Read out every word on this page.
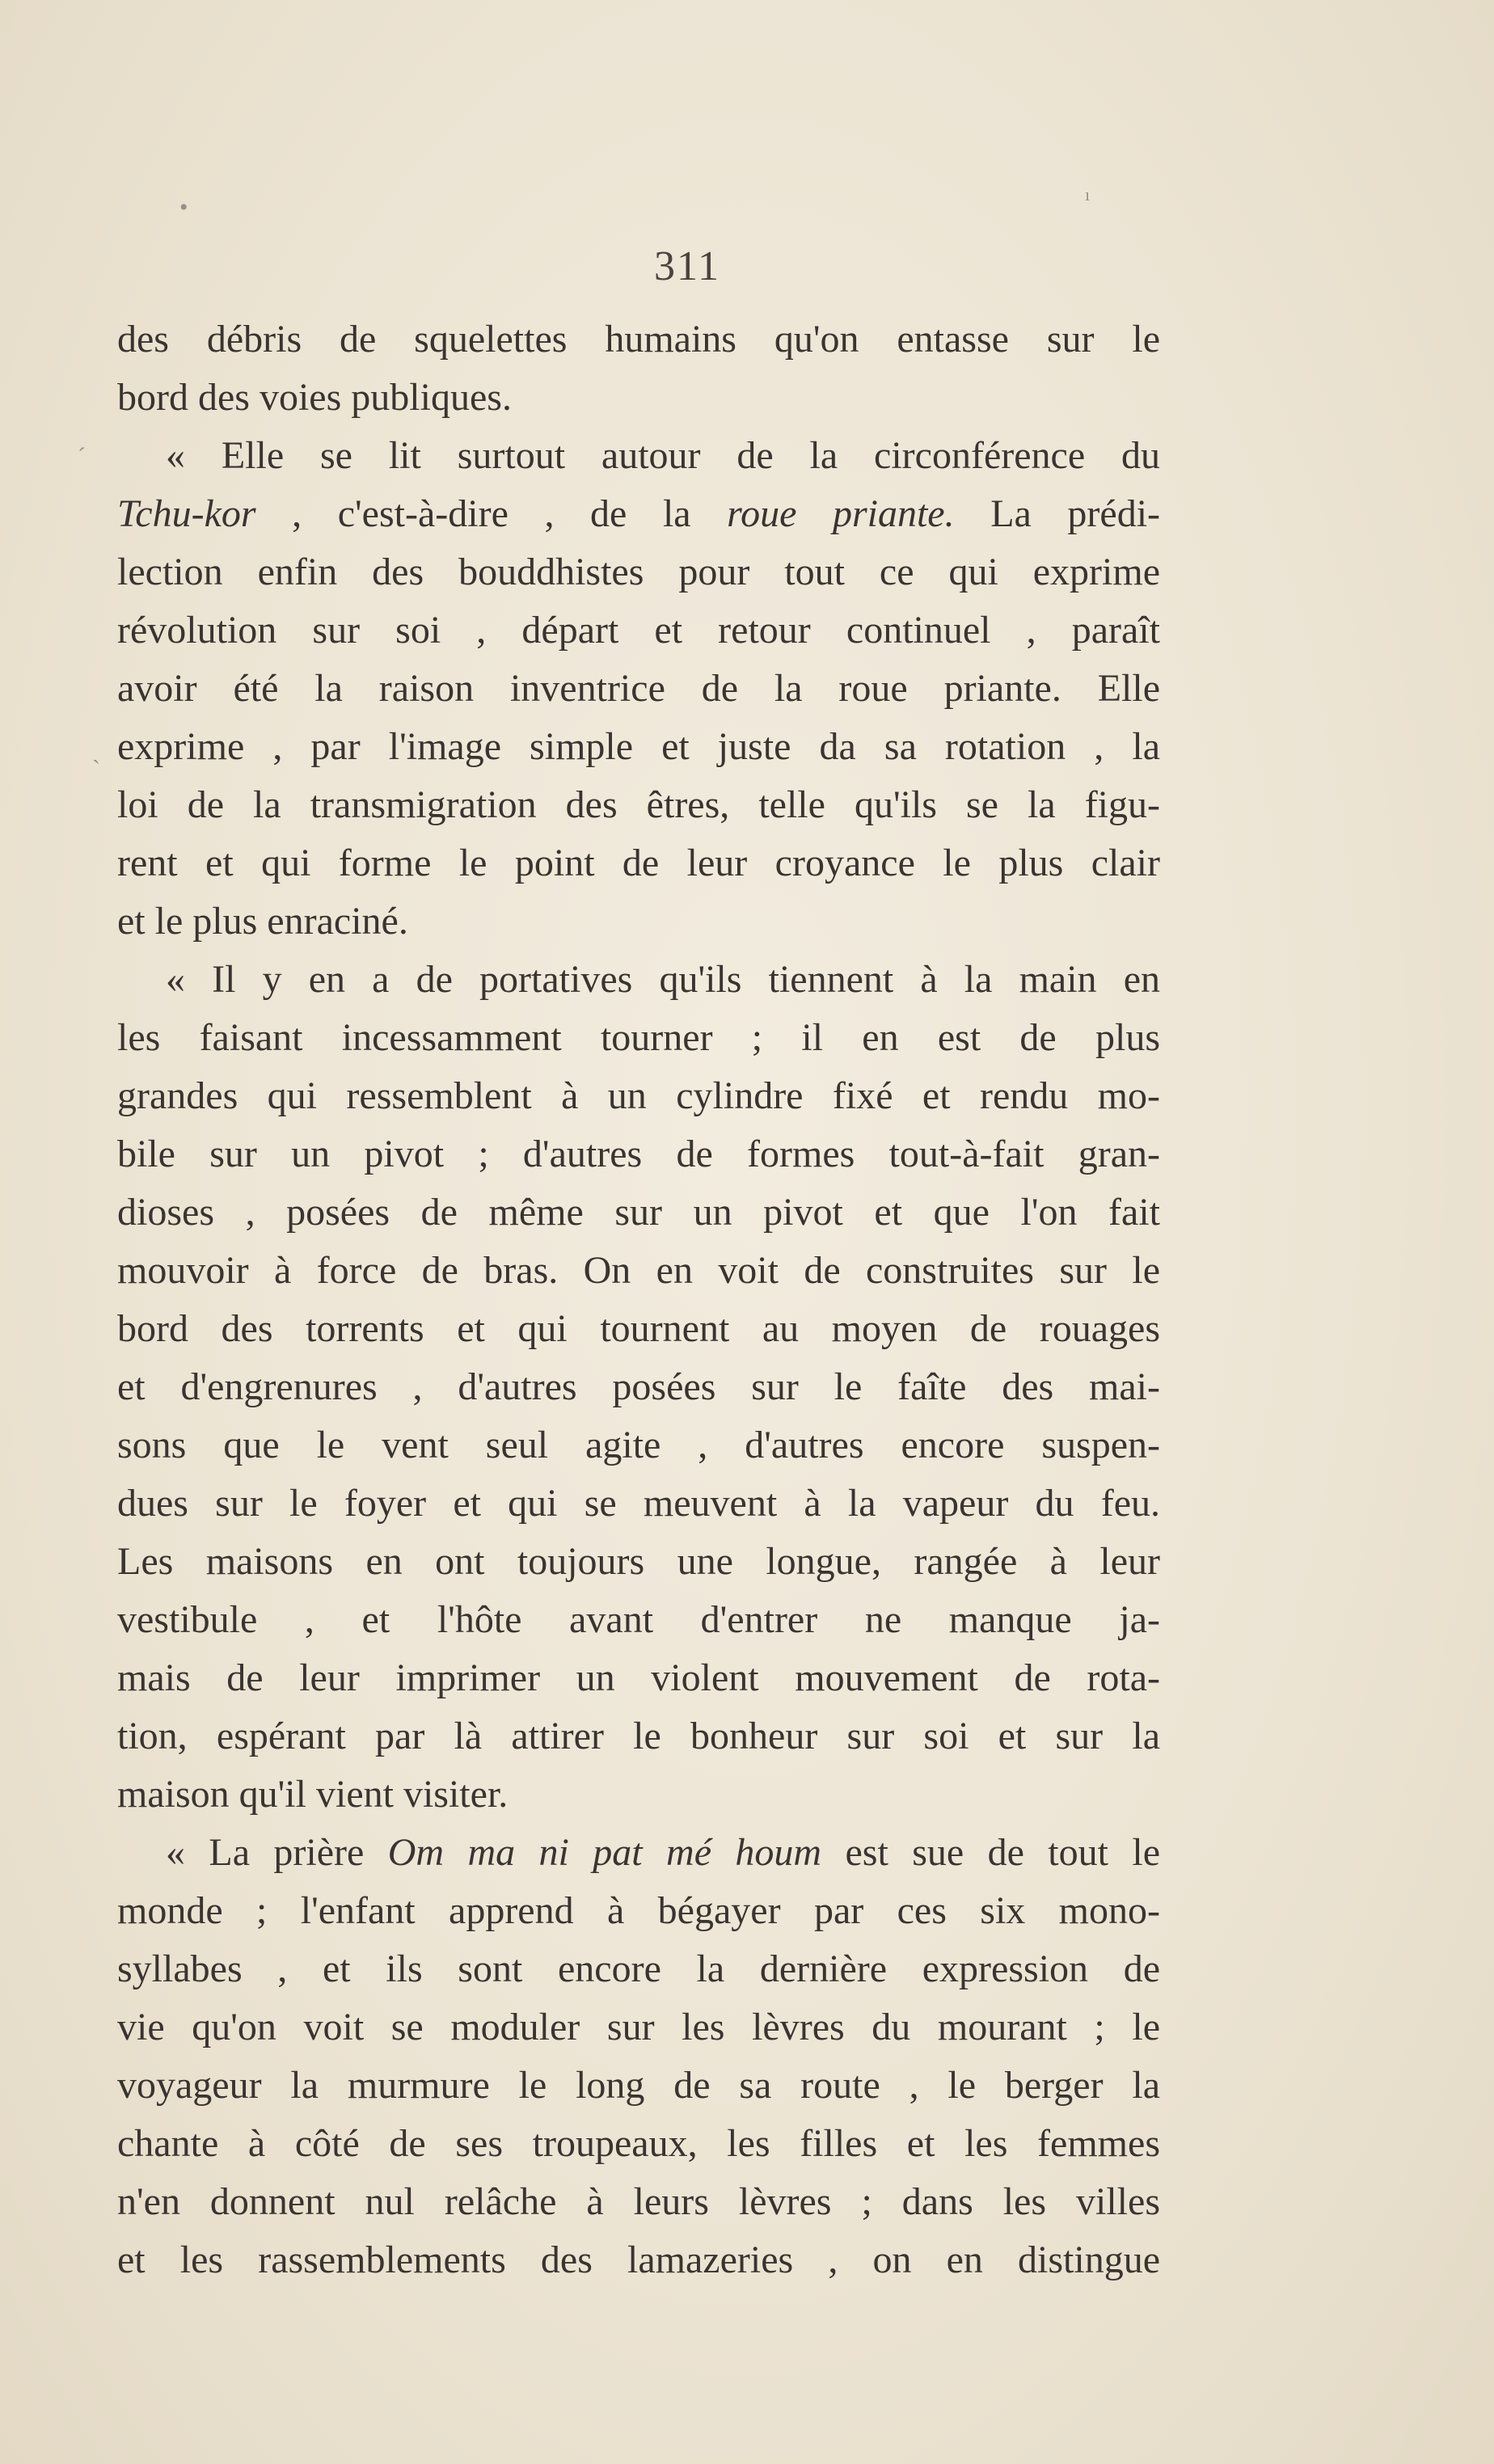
•	ı
ˊ
ˏ
311
des débris de squelettes humains qu'on entasse sur le
bord des voies publiques.
« Elle se lit surtout autour de la circonférence du
Tchu-kor , c'est-à-dire , de la roue priante. La prédi-
lection enfin des bouddhistes pour tout ce qui exprime
révolution sur soi , départ et retour continuel , paraît
avoir été la raison inventrice de la roue priante. Elle
exprime , par l'image simple et juste da sa rotation , la
loi de la transmigration des êtres, telle qu'ils se la figu-
rent et qui forme le point de leur croyance le plus clair
et le plus enraciné.
« Il y en a de portatives qu'ils tiennent à la main en
les faisant incessamment tourner ; il en est de plus
grandes qui ressemblent à un cylindre fixé et rendu mo-
bile sur un pivot ; d'autres de formes tout-à-fait gran-
dioses , posées de même sur un pivot et que l'on fait
mouvoir à force de bras. On en voit de construites sur le
bord des torrents et qui tournent au moyen de rouages
et d'engrenures , d'autres posées sur le faîte des mai-
sons que le vent seul agite , d'autres encore suspen-
dues sur le foyer et qui se meuvent à la vapeur du feu.
Les maisons en ont toujours une longue, rangée à leur
vestibule , et l'hôte avant d'entrer ne manque ja-
mais de leur imprimer un violent mouvement de rota-
tion, espérant par là attirer le bonheur sur soi et sur la
maison qu'il vient visiter.
« La prière Om ma ni pat mé houm est sue de tout le
monde ; l'enfant apprend à bégayer par ces six mono-
syllabes , et ils sont encore la dernière expression de
vie qu'on voit se moduler sur les lèvres du mourant ; le
voyageur la murmure le long de sa route , le berger la
chante à côté de ses troupeaux, les filles et les femmes
n'en donnent nul relâche à leurs lèvres ; dans les villes
et les rassemblements des lamazeries , on en distingue
